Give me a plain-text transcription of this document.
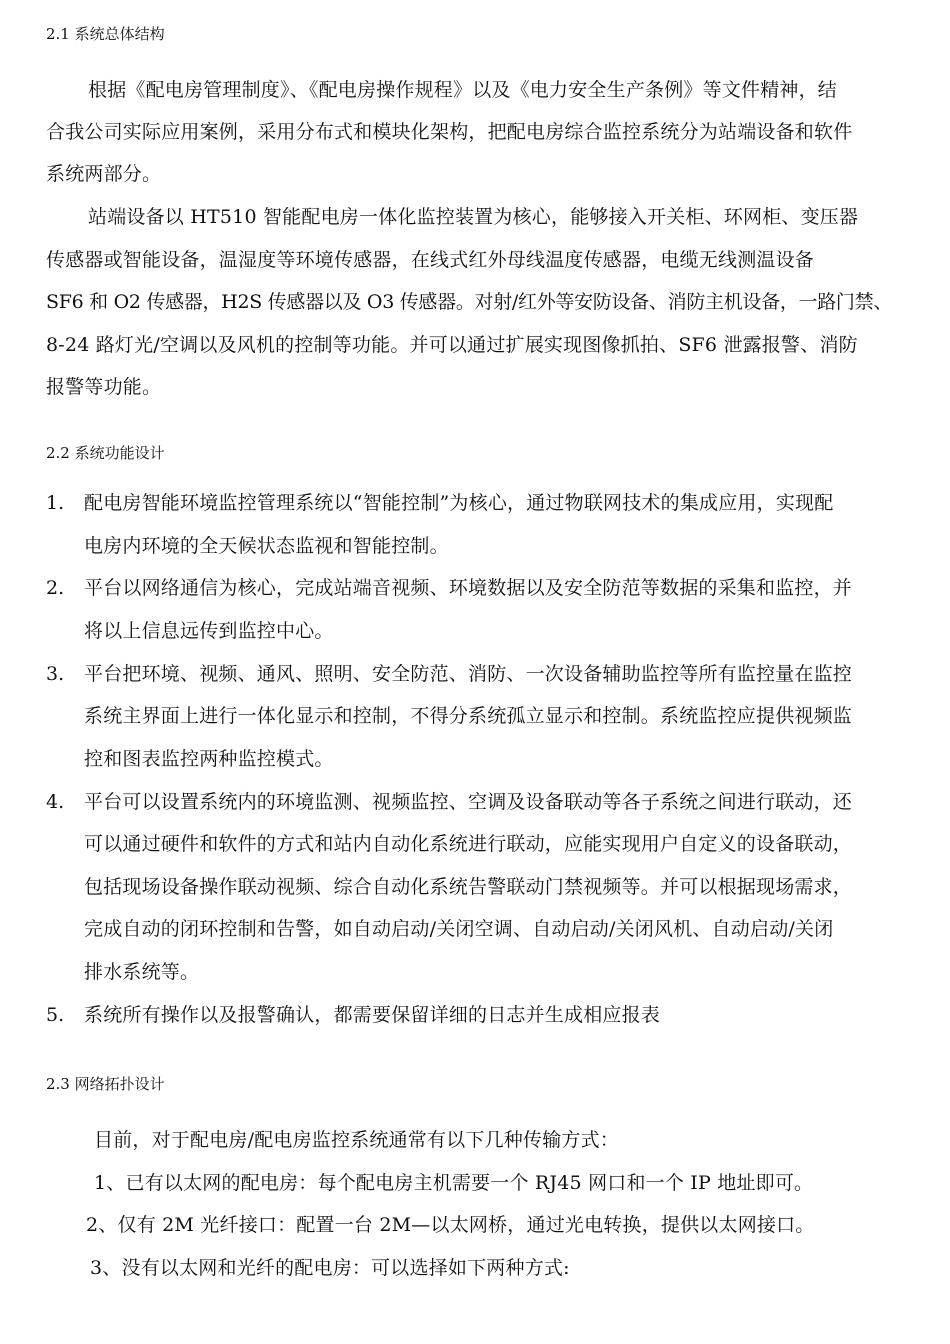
2.1 系统总体结构
根据《配电房管理制度》、《配电房操作规程》以及《电力安全生产条例》等文件精神，结
合我公司实际应用案例，采用分布式和模块化架构，把配电房综合监控系统分为站端设备和软件
系统两部分。
站端设备以 HT510 智能配电房一体化监控装置为核心，能够接入开关柜、环网柜、变压器
传感器或智能设备，温湿度等环境传感器，在线式红外母线温度传感器，电缆无线测温设备
SF6 和 O2 传感器，H2S 传感器以及 O3 传感器。对射/红外等安防设备、消防主机设备，一路门禁、
8-24 路灯光/空调以及风机的控制等功能。并可以通过扩展实现图像抓拍、SF6 泄露报警、消防
报警等功能。
2.2 系统功能设计
1. 配电房智能环境监控管理系统以“智能控制”为核心，通过物联网技术的集成应用，实现配
电房内环境的全天候状态监视和智能控制。
2. 平台以网络通信为核心，完成站端音视频、环境数据以及安全防范等数据的采集和监控，并
将以上信息远传到监控中心。
3. 平台把环境、视频、通风、照明、安全防范、消防、一次设备辅助监控等所有监控量在监控
系统主界面上进行一体化显示和控制，不得分系统孤立显示和控制。系统监控应提供视频监
控和图表监控两种监控模式。
4. 平台可以设置系统内的环境监测、视频监控、空调及设备联动等各子系统之间进行联动，还
可以通过硬件和软件的方式和站内自动化系统进行联动，应能实现用户自定义的设备联动，
包括现场设备操作联动视频、综合自动化系统告警联动门禁视频等。并可以根据现场需求，
完成自动的闭环控制和告警，如自动启动/关闭空调、自动启动/关闭风机、自动启动/关闭
排水系统等。
5. 系统所有操作以及报警确认，都需要保留详细的日志并生成相应报表
2.3 网络拓扑设计
目前，对于配电房/配电房监控系统通常有以下几种传输方式：
1、已有以太网的配电房：每个配电房主机需要一个 RJ45 网口和一个 IP 地址即可。
2、仅有 2M 光纤接口：配置一台 2M—以太网桥，通过光电转换，提供以太网接口。
3、没有以太网和光纤的配电房：可以选择如下两种方式:
